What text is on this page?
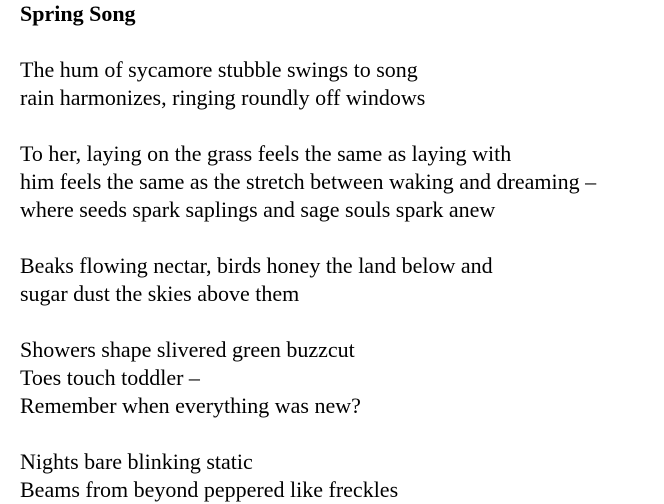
Spring Song
The hum of sycamore stubble swings to song
rain harmonizes, ringing roundly off windows
To her, laying on the grass feels the same as laying with
him feels the same as the stretch between waking and dreaming –
where seeds spark saplings and sage souls spark anew
Beaks flowing nectar, birds honey the land below and
sugar dust the skies above them
Showers shape slivered green buzzcut
Toes touch toddler –
Remember when everything was new?
Nights bare blinking static
Beams from beyond peppered like freckles
